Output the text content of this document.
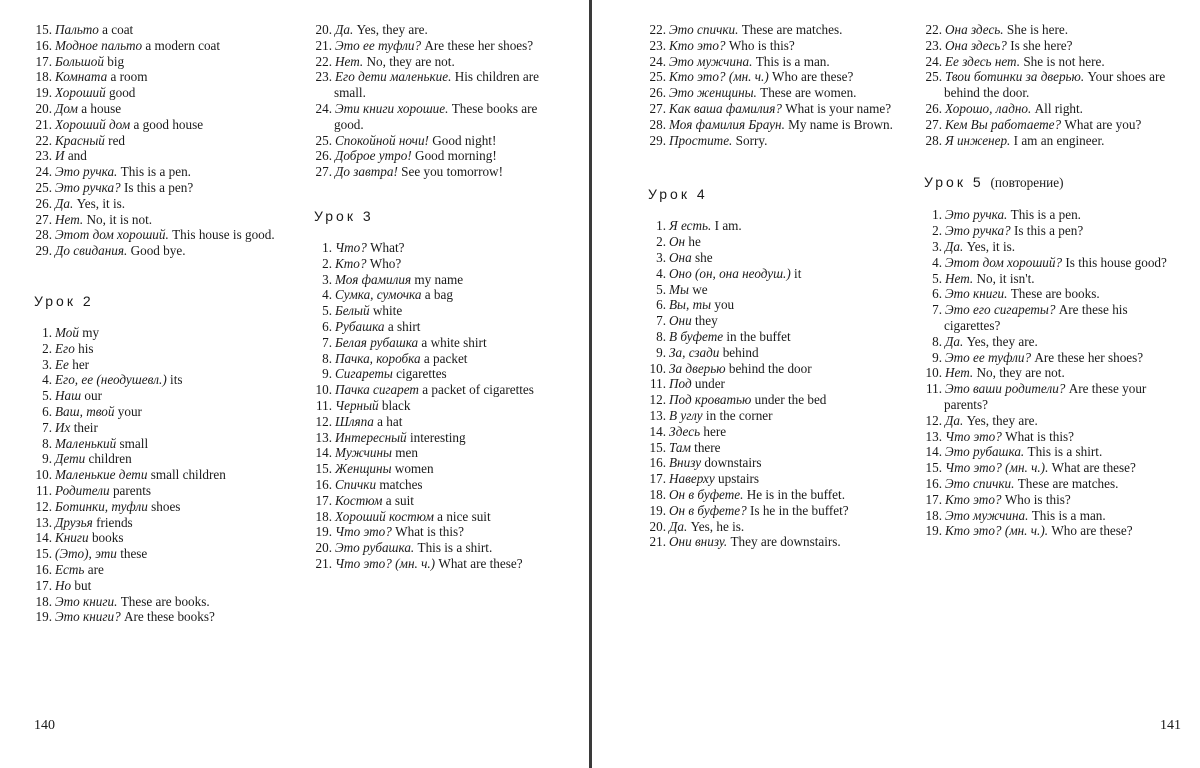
15. Пальто a coat

16. Модное пальто a modern coat

17. Большой big

18. Комната a room

19. Хороший good

20. Дом a house

21. Хороший дом a good house

22. Красный red

23. И and

24. Это ручка. This is a pen.

25. Это ручка? Is this a pen?

26. Да. Yes, it is.

27. Нет. No, it is not.

28. Этот дом хороший. This house is good.

29. До свидания. Good bye.

Урок 2

1. Мой my

2. Его his

3. Ее her

4. Его, ее (неодушевл.) its

5. Наш our

6. Ваш, твой your

7. Их their

8. Маленький small

9. Дети children

10. Маленькие дети small children

11. Родители parents

12. Ботинки, туфли shoes

13. Друзья friends

14. Книги books

15. (Это), эти these

16. Есть are

17. Но but

18. Это книги. These are books.

19. Это книги? Are these books?

20. Да. Yes, they are.

21. Это ее туфли? Are these her shoes?

22. Нет. No, they are not.

23. Его дети маленькие. His children are small.

24. Эти книги хорошие. These books are good.

25. Спокойной ночи! Good night!

26. Доброе утро! Good morning!

27. До завтра! See you tomorrow!

Урок 3

1. Что? What?

2. Кто? Who?

3. Моя фамилия my name

4. Сумка, сумочка a bag

5. Белый white

6. Рубашка a shirt

7. Белая рубашка a white shirt

8. Пачка, коробка a packet

9. Сигареты cigarettes

10. Пачка сигарет a packet of cigarettes

11. Черный black

12. Шляпа a hat

13. Интересный interesting

14. Мужчины men

15. Женщины women

16. Спички matches

17. Костюм a suit

18. Хороший костюм a nice suit

19. Что это? What is this?

20. Это рубашка. This is a shirt.

21. Что это? (мн. ч.) What are these?

140

22. Это спички. These are matches.

23. Кто это? Who is this?

24. Это мужчина. This is a man.

25. Кто это? (мн. ч.) Who are these?

26. Это женщины. These are women.

27. Как ваша фамилия? What is your name?

28. Моя фамилия Браун. My name is Brown.

29. Простите. Sorry.

Урок 4

1. Я есть. I am.

2. Он he

3. Она she

4. Оно (он, она неодуш.) it

5. Мы we

6. Вы, ты you

7. Они they

8. В буфете in the buffet

9. За, сзади behind

10. За дверью behind the door

11. Под under

12. Под кроватью under the bed

13. В углу in the corner

14. Здесь here

15. Там there

16. Внизу downstairs

17. Наверху upstairs

18. Он в буфете. He is in the buffet.

19. Он в буфете? Is he in the buffet?

20. Да. Yes, he is.

21. Они внизу. They are downstairs.

22. Она здесь. She is here.

23. Она здесь? Is she here?

24. Ее здесь нет. She is not here.

25. Твои ботинки за дверью. Your shoes are behind the door.

26. Хорошо, ладно. All right.

27. Кем Вы работаете? What are you?

28. Я инженер. I am an engineer.

Урок 5 (повторение)

1. Это ручка. This is a pen.

2. Это ручка? Is this a pen?

3. Да. Yes, it is.

4. Этот дом хороший? Is this house good?

5. Нет. No, it isn't.

6. Это книги. These are books.

7. Это его сигареты? Are these his cigarettes?

8. Да. Yes, they are.

9. Это ее туфли? Are these her shoes?

10. Нет. No, they are not.

11. Это ваши родители? Are these your parents?

12. Да. Yes, they are.

13. Что это? What is this?

14. Это рубашка. This is a shirt.

15. Что это? (мн. ч.). What are these?

16. Это спички. These are matches.

17. Кто это? Who is this?

18. Это мужчина. This is a man.

19. Кто это? (мн. ч.). Who are these?

141
